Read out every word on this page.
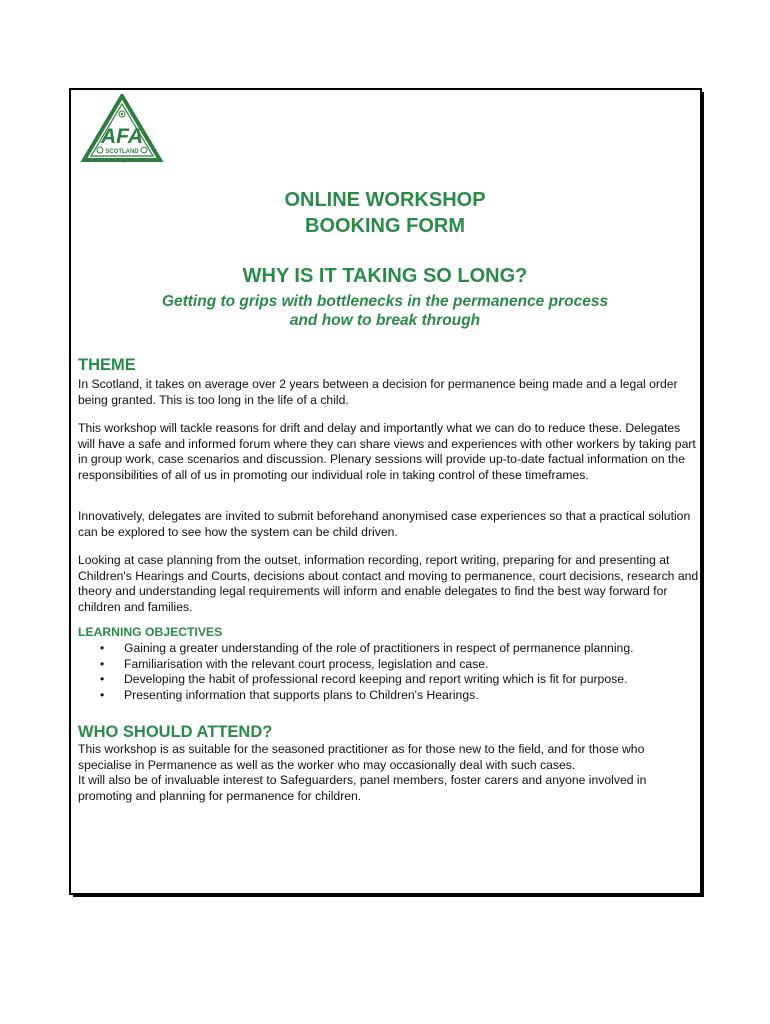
AFA
SCOTLAND
Adoption & Fostering Alliance Scotland
ONLINE WORKSHOP
BOOKING FORM
WHY IS IT TAKING SO LONG?
Getting to grips with bottlenecks in the permanence process
and how to break through
THEME
In Scotland, it takes on average over 2 years between a decision for permanence being made and a legal order being granted. This is too long in the life of a child.
This workshop will tackle reasons for drift and delay and importantly what we can do to reduce these. Delegates will have a safe and informed forum where they can share views and experiences with other workers by taking part in group work, case scenarios and discussion. Plenary sessions will provide up-to-date factual information on the responsibilities of all of us in promoting our individual role in taking control of these timeframes.
Innovatively, delegates are invited to submit beforehand anonymised case experiences so that a practical solution can be explored to see how the system can be child driven.
Looking at case planning from the outset, information recording, report writing, preparing for and presenting at Children's Hearings and Courts, decisions about contact and moving to permanence, court decisions, research and theory and understanding legal requirements will inform and enable delegates to find the best way forward for children and families.
LEARNING OBJECTIVES
• Gaining a greater understanding of the role of practitioners in respect of permanence planning.
• Familiarisation with the relevant court process, legislation and case.
• Developing the habit of professional record keeping and report writing which is fit for purpose.
• Presenting information that supports plans to Children's Hearings.
WHO SHOULD ATTEND?
This workshop is as suitable for the seasoned practitioner as for those new to the field, and for those who specialise in Permanence as well as the worker who may occasionally deal with such cases.
It will also be of invaluable interest to Safeguarders, panel members, foster carers and anyone involved in promoting and planning for permanence for children.
